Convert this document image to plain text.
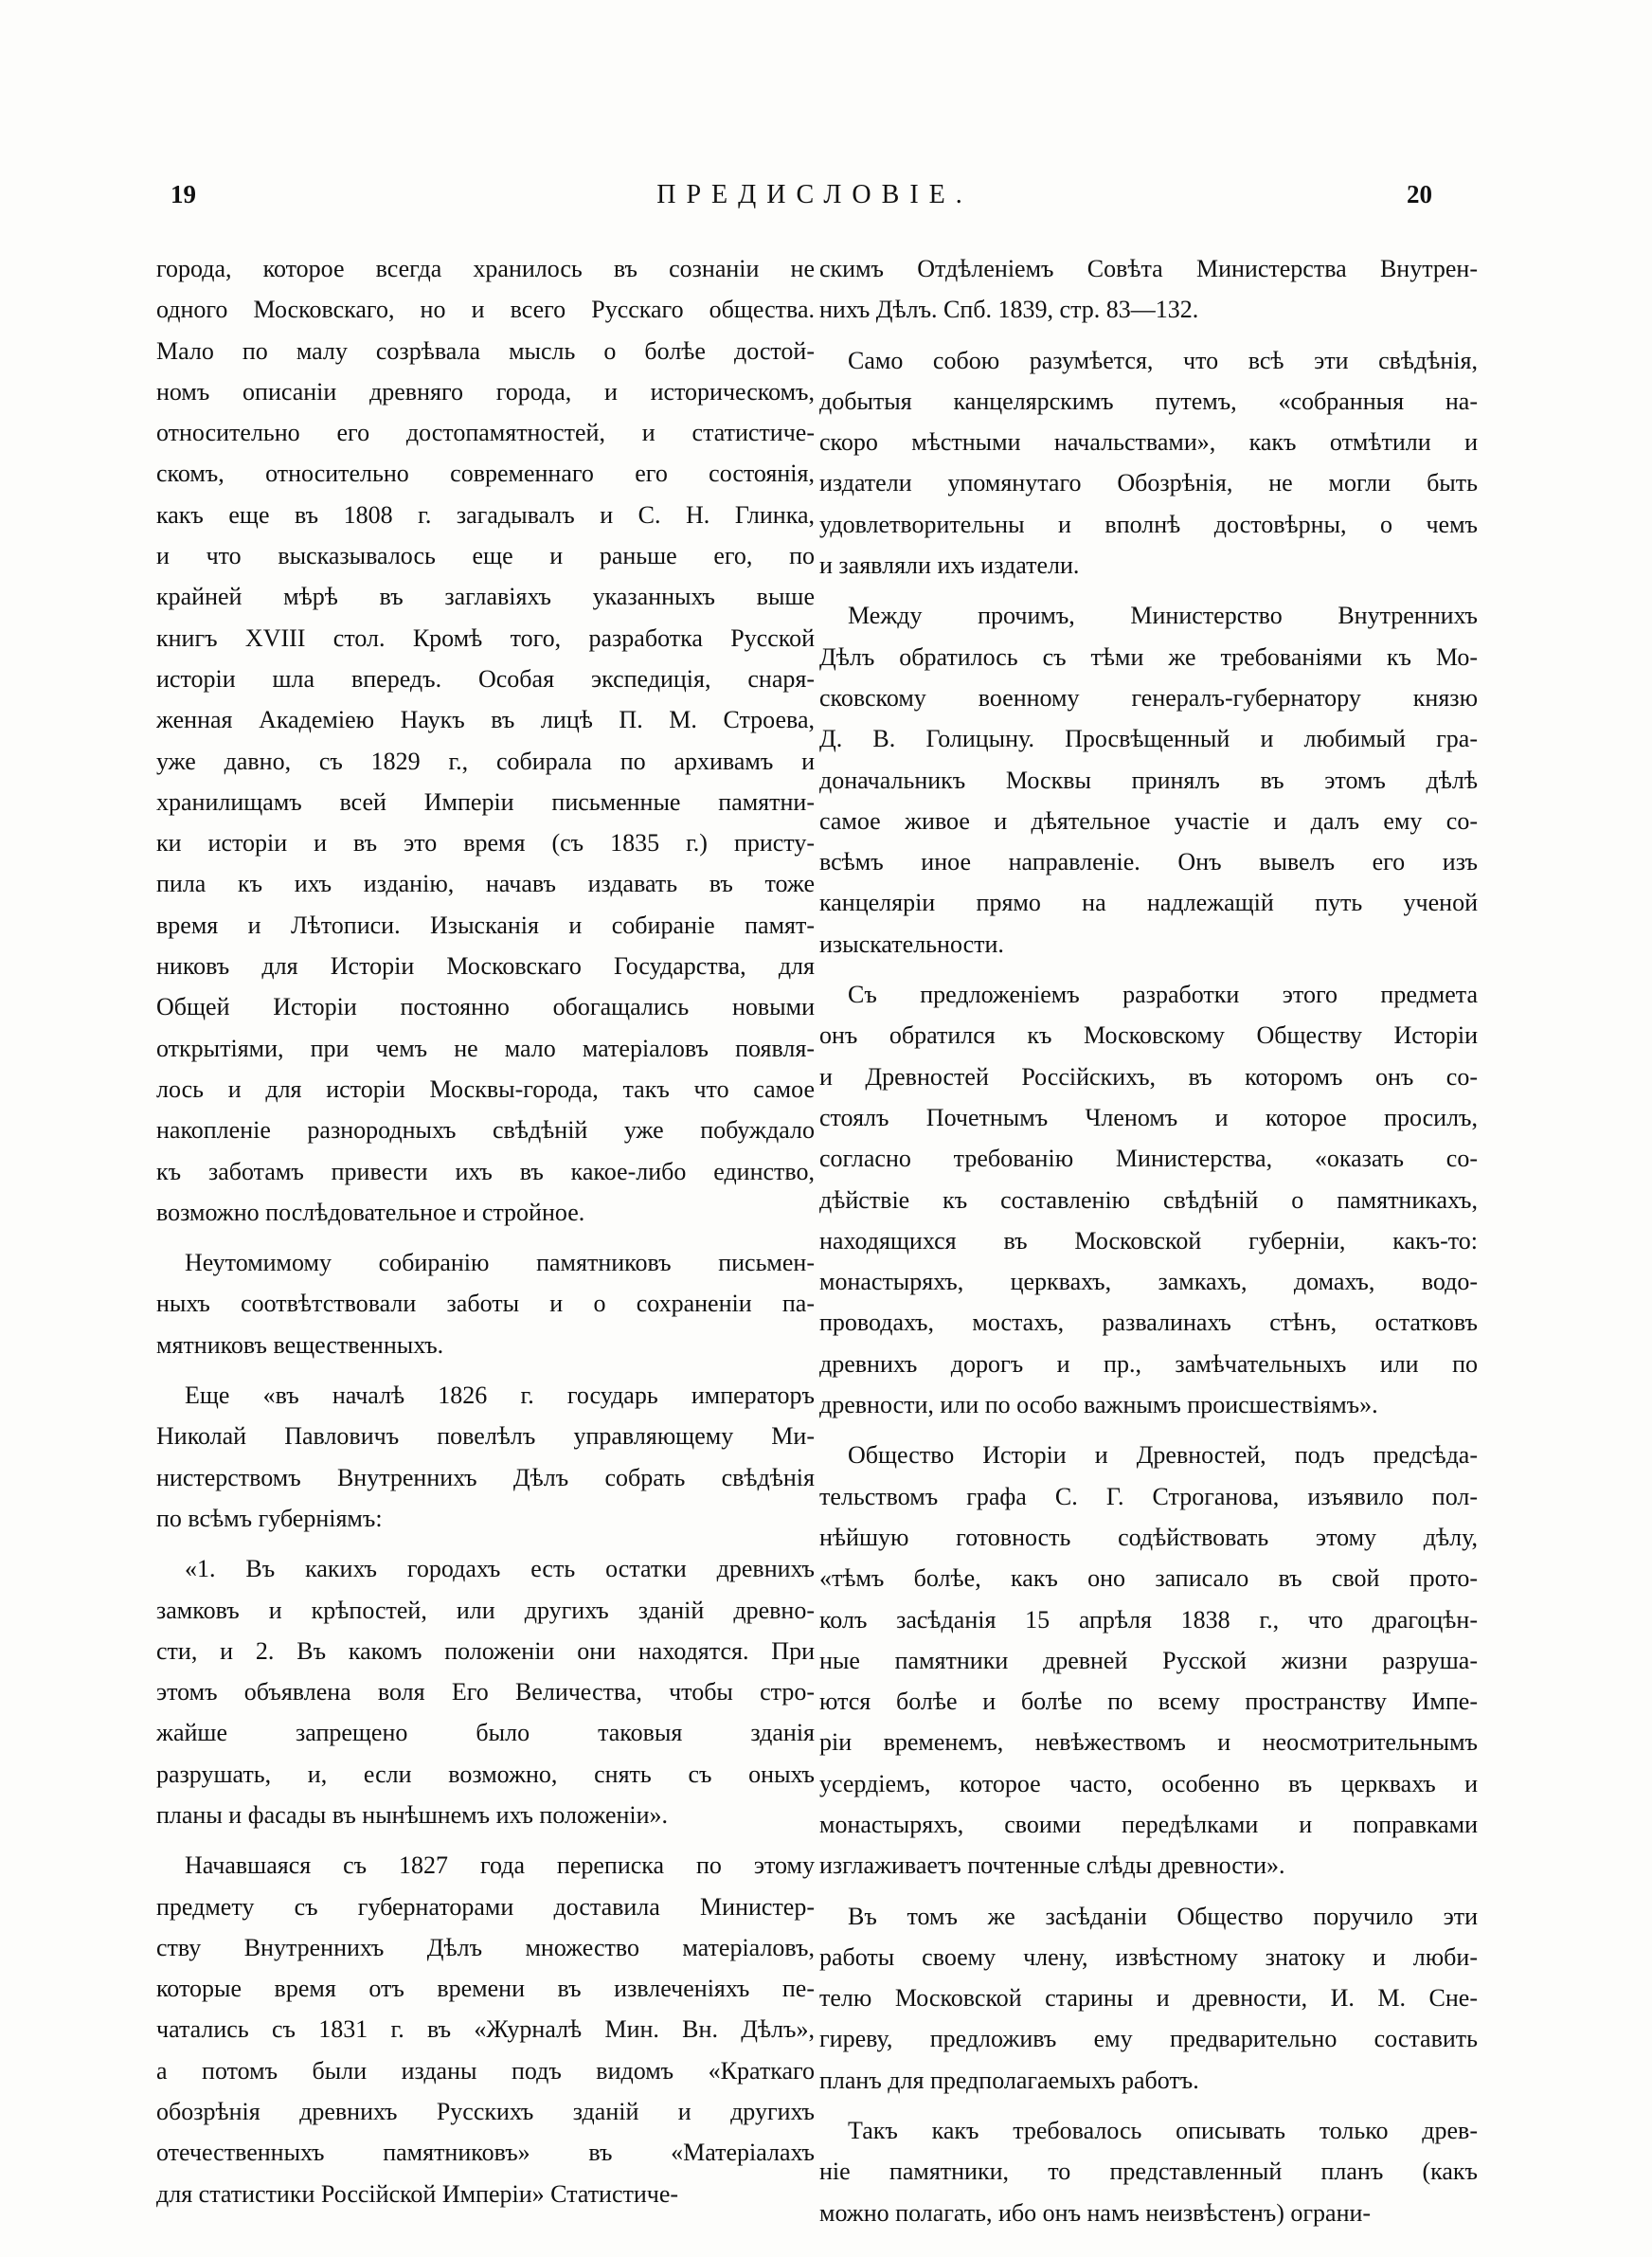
19	ПРЕДИСЛОВІЕ.	20
города, которое всегда хранилось въ сознаніи не
одного Московскаго, но и всего Русскаго общества.
Мало по малу созрѣвала мысль о болѣе достой-
номъ описаніи древняго города, и историческомъ,
относительно его достопамятностей, и статистиче-
скомъ, относительно современнаго его состоянія,
какъ еще въ 1808 г. загадывалъ и С. Н. Глинка,
и что высказывалось еще и раньше его, по
крайней мѣрѣ въ заглавіяхъ указанныхъ выше
книгъ XVIII стол. Кромѣ того, разработка Русской
исторіи шла впередъ. Особая экспедиція, снаря-
женная Академіею Наукъ въ лицѣ П. М. Строева,
уже давно, съ 1829 г., собирала по архивамъ и
хранилищамъ всей Имперіи письменные памятни-
ки исторіи и въ это время (съ 1835 г.) присту-
пила къ ихъ изданію, начавъ издавать въ тоже
время и Лѣтописи. Изысканія и собираніе памят-
никовъ для Исторіи Московскаго Государства, для
Общей Исторіи постоянно обогащались новыми
открытіями, при чемъ не мало матеріаловъ появля-
лось и для исторіи Москвы-города, такъ что самое
накопленіе разнородныхъ свѣдѣній уже побуждало
къ заботамъ привести ихъ въ какое-либо единство,
возможно послѣдовательное и стройное.
Неутомимому собиранію памятниковъ письмен-
ныхъ соотвѣтствовали заботы и о сохраненіи па-
мятниковъ вещественныхъ.
Еще «въ началѣ 1826 г. государь императоръ
Николай Павловичъ повелѣлъ управляющему Ми-
нистерствомъ Внутреннихъ Дѣлъ собрать свѣдѣнія
по всѣмъ губерніямъ:
«1. Въ какихъ городахъ есть остатки древнихъ
замковъ и крѣпостей, или другихъ зданій древно-
сти, и 2. Въ какомъ положеніи они находятся. При
этомъ объявлена воля Его Величества, чтобы стро-
жайше запрещено было таковыя зданія
разрушать, и, если возможно, снять съ оныхъ
планы и фасады въ нынѣшнемъ ихъ положеніи».
Начавшаяся съ 1827 года переписка по этому
предмету съ губернаторами доставила Министер-
ству Внутреннихъ Дѣлъ множество матеріаловъ,
которые время отъ времени въ извлеченіяхъ пе-
чатались съ 1831 г. въ «Журналѣ Мин. Вн. Дѣлъ»,
а потомъ были изданы подъ видомъ «Краткаго
обозрѣнія древнихъ Русскихъ зданій и другихъ
отечественныхъ памятниковъ» въ «Матеріалахъ
для статистики Россійской Имперіи» Статистиче-
скимъ Отдѣленіемъ Совѣта Министерства Внутрен-
нихъ Дѣлъ. Спб. 1839, стр. 83—132.
Само собою разумѣется, что всѣ эти свѣдѣнія,
добытыя канцелярскимъ путемъ, «собранныя на-
скоро мѣстными начальствами», какъ отмѣтили и
издатели упомянутаго Обозрѣнія, не могли быть
удовлетворительны и вполнѣ достовѣрны, о чемъ
и заявляли ихъ издатели.
Между прочимъ, Министерство Внутреннихъ
Дѣлъ обратилось съ тѣми же требованіями къ Мо-
сковскому военному генералъ-губернатору князю
Д. В. Голицыну. Просвѣщенный и любимый гра-
доначальникъ Москвы принялъ въ этомъ дѣлѣ
самое живое и дѣятельное участіе и далъ ему со-
всѣмъ иное направленіе. Онъ вывелъ его изъ
канцеляріи прямо на надлежащій путь ученой
изыскательности.
Съ предложеніемъ разработки этого предмета
онъ обратился къ Московскому Обществу Исторіи
и Древностей Россійскихъ, въ которомъ онъ со-
стоялъ Почетнымъ Членомъ и которое просилъ,
согласно требованію Министерства, «оказать со-
дѣйствіе къ составленію свѣдѣній о памятникахъ,
находящихся въ Московской губерніи, какъ-то:
монастыряхъ, церквахъ, замкахъ, домахъ, водо-
проводахъ, мостахъ, развалинахъ стѣнъ, остатковъ
древнихъ дорогъ и пр., замѣчательныхъ или по
древности, или по особо важнымъ происшествіямъ».
Общество Исторіи и Древностей, подъ предсѣда-
тельствомъ графа С. Г. Строганова, изъявило пол-
нѣйшую готовность содѣйствовать этому дѣлу,
«тѣмъ болѣе, какъ оно записало въ свой прото-
колъ засѣданія 15 апрѣля 1838 г., что драгоцѣн-
ные памятники древней Русской жизни разруша-
ются болѣе и болѣе по всему пространству Импе-
ріи временемъ, невѣжествомъ и неосмотрительнымъ
усердіемъ, которое часто, особенно въ церквахъ и
монастыряхъ, своими передѣлками и поправками
изглаживаетъ почтенные слѣды древности».
Въ томъ же засѣданіи Общество поручило эти
работы своему члену, извѣстному знатоку и люби-
телю Московской старины и древности, И. М. Сне-
гиреву, предложивъ ему предварительно составить
планъ для предполагаемыхъ работъ.
Такъ какъ требовалось описывать только древ-
ніе памятники, то представленный планъ (какъ
можно полагать, ибо онъ намъ неизвѣстенъ) ограни-
